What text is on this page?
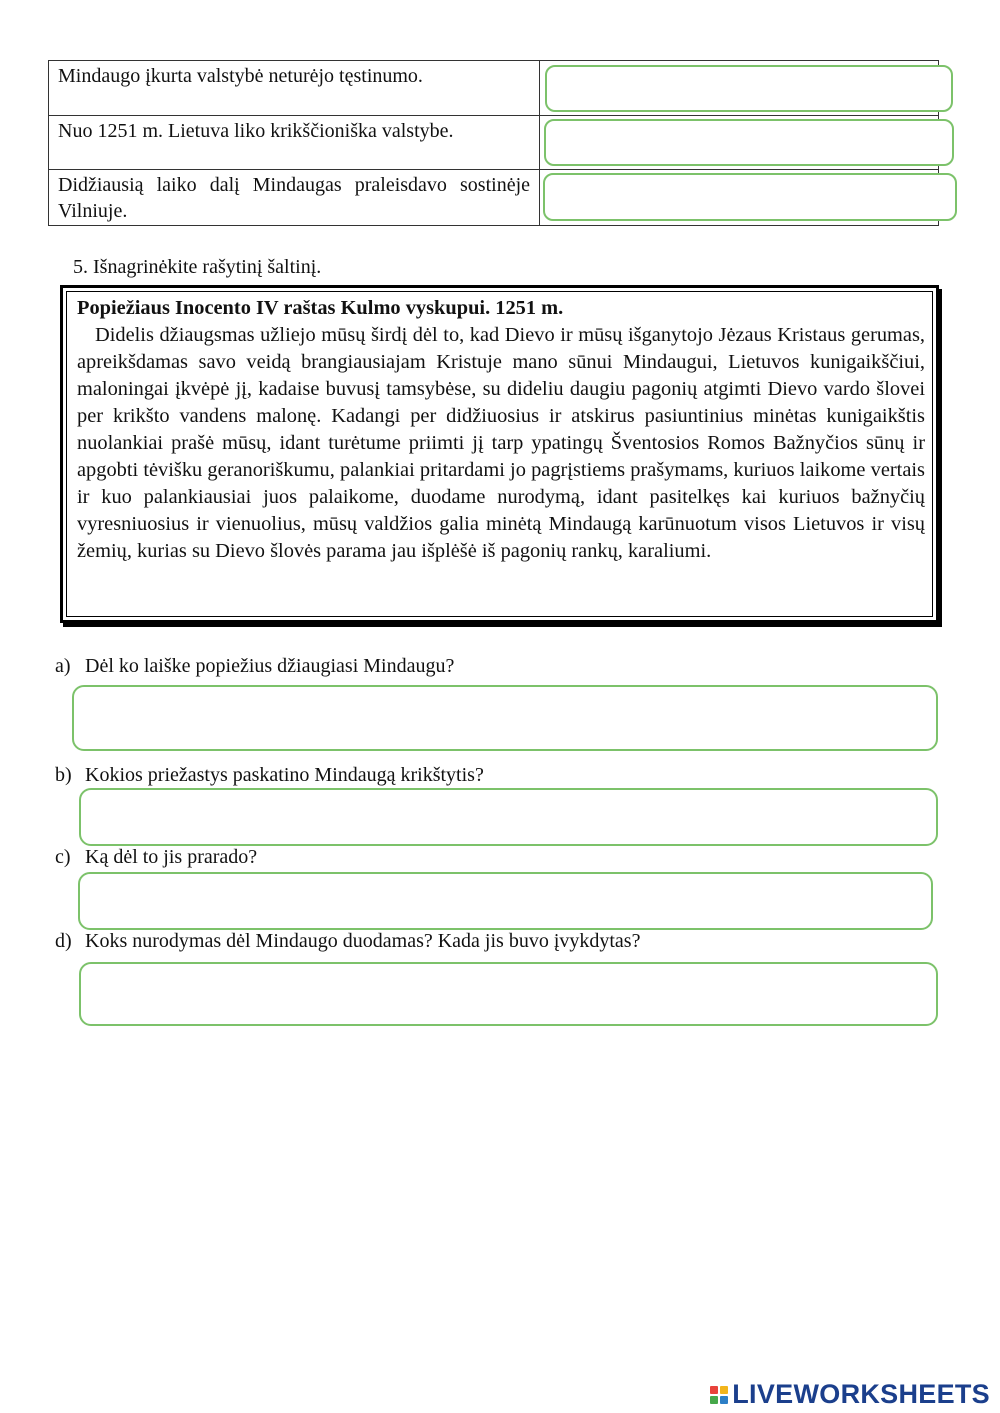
Mindaugo įkurta valstybė neturėjo tęstinumo.	

Nuo 1251 m. Lietuva liko krikščioniška valstybe.	

Didžiausią laiko dalį Mindaugas praleisdavo sostinėje Vilniuje.	
5. Išnagrinėkite rašytinį šaltinį.
Popiežiaus Inocento IV raštas Kulmo vyskupui. 1251 m.
Didelis džiaugsmas užliejo mūsų širdį dėl to, kad Dievo ir mūsų išganytojo Jėzaus Kristaus gerumas, apreikšdamas savo veidą brangiausiajam Kristuje mano sūnui Mindaugui, Lietuvos kunigaikščiui, maloningai įkvėpė jį, kadaise buvusį tamsybėse, su dideliu daugiu pagonių atgimti Dievo vardo šlovei per krikšto vandens malonę. Kadangi per didžiuosius ir atskirus pasiuntinius minėtas kunigaikštis nuolankiai prašė mūsų, idant turėtume priimti jį tarp ypatingų Šventosios Romos Bažnyčios sūnų ir apgobti tėvišku geranoriškumu, palankiai pritardami jo pagrįstiems prašymams, kuriuos laikome vertais ir kuo palankiausiai juos palaikome, duodame nurodymą, idant pasitelkęs kai kuriuos bažnyčių vyresniuosius ir vienuolius, mūsų valdžios galia minėtą Mindaugą karūnuotum visos Lietuvos ir visų žemių, kurias su Dievo šlovės parama jau išplėšė iš pagonių rankų, karaliumi.
a) Dėl ko laiške popiežius džiaugiasi Mindaugu?
b) Kokios priežastys paskatino Mindaugą krikštytis?
c) Ką dėl to jis prarado?
d) Koks nurodymas dėl Mindaugo duodamas? Kada jis buvo įvykdytas?
LIVEWORKSHEETS
